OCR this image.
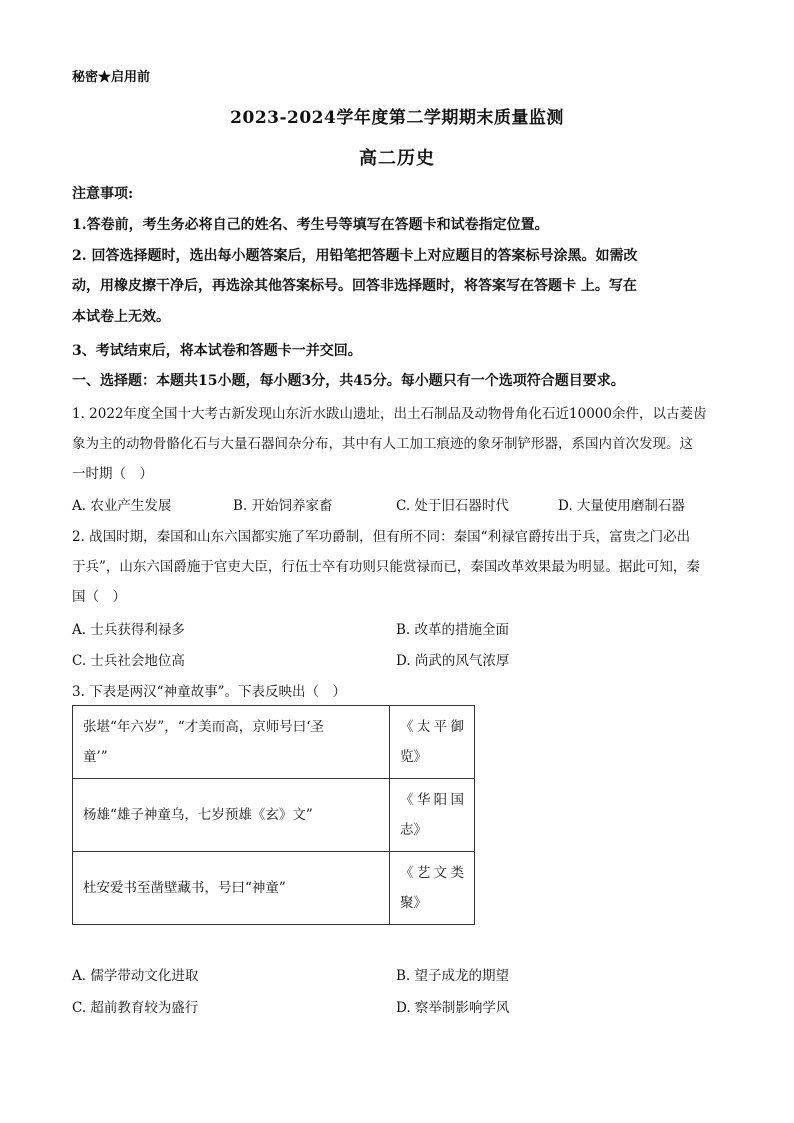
秘密★启用前
2023-2024学年度第二学期期末质量监测
高二历史
注意事项:
1.答卷前，考生务必将自己的姓名、考生号等填写在答题卡和试卷指定位置。
2. 回答选择题时，选出每小题答案后，用铅笔把答题卡上对应题目的答案标号涂黑。如需改
动，用橡皮擦干净后，再选涂其他答案标号。回答非选择题时，将答案写在答题卡 上。写在
本试卷上无效。
3、考试结束后，将本试卷和答题卡一并交回。
一、选择题：本题共15小题，每小题3分，共45分。每小题只有一个选项符合题目要求。
1. 2022年度全国十大考古新发现山东沂水跋山遗址，出土石制品及动物骨角化石近10000余件，以古菱齿
象为主的动物骨骼化石与大量石器间杂分布，其中有人工加工痕迹的象牙制铲形器，系国内首次发现。这
一时期（　）
A. 农业产生发展	B. 开始饲养家畜	C. 处于旧石器时代	D. 大量使用磨制石器
2. 战国时期，秦国和山东六国都实施了军功爵制，但有所不同：秦国“利禄官爵抟出于兵，富贵之门必出
于兵”，山东六国爵施于官吏大臣，行伍士卒有功则只能赏禄而已，秦国改革效果最为明显。据此可知，秦
国（　）
A. 士兵获得利禄多	B. 改革的措施全面
C. 士兵社会地位高	D. 尚武的风气浓厚
3. 下表是两汉“神童故事”。下表反映出（　）
张堪“年六岁”，“才美而高，京师号曰‘圣
童’”	《太平御
览》

杨雄“雄子神童乌，七岁预雄《玄》文”	《华阳国
志》

杜安爱书至凿壁藏书，号曰“神童”	《艺文类
聚》
A. 儒学带动文化进取	B. 望子成龙的期望
C. 超前教育较为盛行	D. 察举制影响学风
